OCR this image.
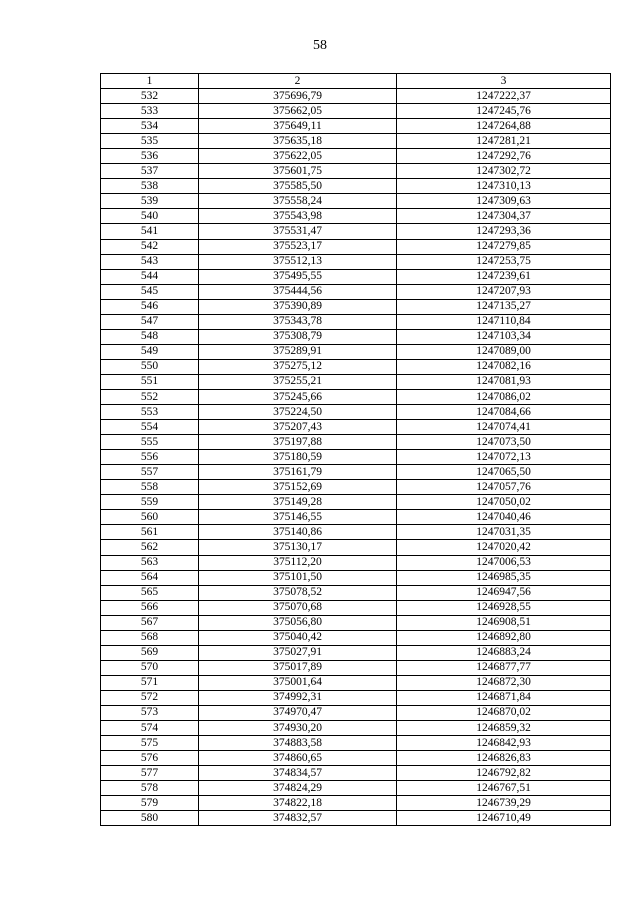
58
1	2	3
532	375696,79	1247222,37
533	375662,05	1247245,76
534	375649,11	1247264,88
535	375635,18	1247281,21
536	375622,05	1247292,76
537	375601,75	1247302,72
538	375585,50	1247310,13
539	375558,24	1247309,63
540	375543,98	1247304,37
541	375531,47	1247293,36
542	375523,17	1247279,85
543	375512,13	1247253,75
544	375495,55	1247239,61
545	375444,56	1247207,93
546	375390,89	1247135,27
547	375343,78	1247110,84
548	375308,79	1247103,34
549	375289,91	1247089,00
550	375275,12	1247082,16
551	375255,21	1247081,93
552	375245,66	1247086,02
553	375224,50	1247084,66
554	375207,43	1247074,41
555	375197,88	1247073,50
556	375180,59	1247072,13
557	375161,79	1247065,50
558	375152,69	1247057,76
559	375149,28	1247050,02
560	375146,55	1247040,46
561	375140,86	1247031,35
562	375130,17	1247020,42
563	375112,20	1247006,53
564	375101,50	1246985,35
565	375078,52	1246947,56
566	375070,68	1246928,55
567	375056,80	1246908,51
568	375040,42	1246892,80
569	375027,91	1246883,24
570	375017,89	1246877,77
571	375001,64	1246872,30
572	374992,31	1246871,84
573	374970,47	1246870,02
574	374930,20	1246859,32
575	374883,58	1246842,93
576	374860,65	1246826,83
577	374834,57	1246792,82
578	374824,29	1246767,51
579	374822,18	1246739,29
580	374832,57	1246710,49
